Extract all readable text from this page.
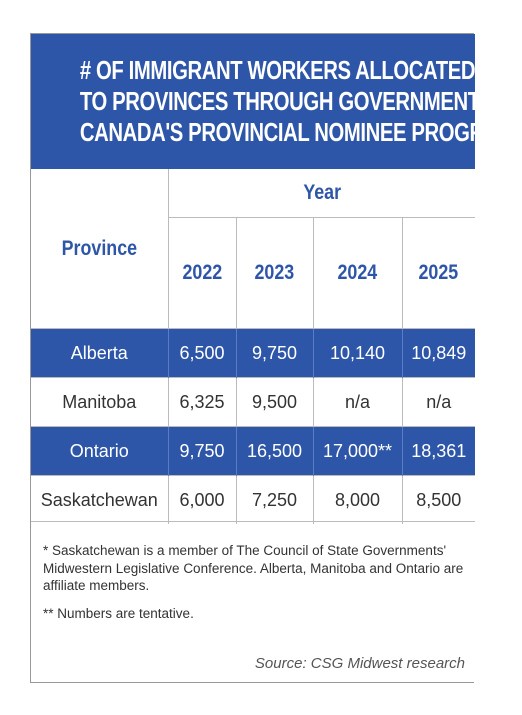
# OF IMMIGRANT WORKERS ALLOCATED
TO PROVINCES THROUGH GOVERNMENT OF
CANADA'S PROVINCIAL NOMINEE PROGRAM*
Province	Year			
	2022	2023	2024	2025
Alberta	6,500	9,750	10,140	10,849
Manitoba	6,325	9,500	n/a	n/a
Ontario	9,750	16,500	17,000**	18,361
Saskatchewan	6,000	7,250	8,000	8,500

* Saskatchewan is a member of The Council of State Governments' Midwestern Legislative Conference. Alberta, Manitoba and Ontario are affiliate members.

** Numbers are tentative.

Source: CSG Midwest research
